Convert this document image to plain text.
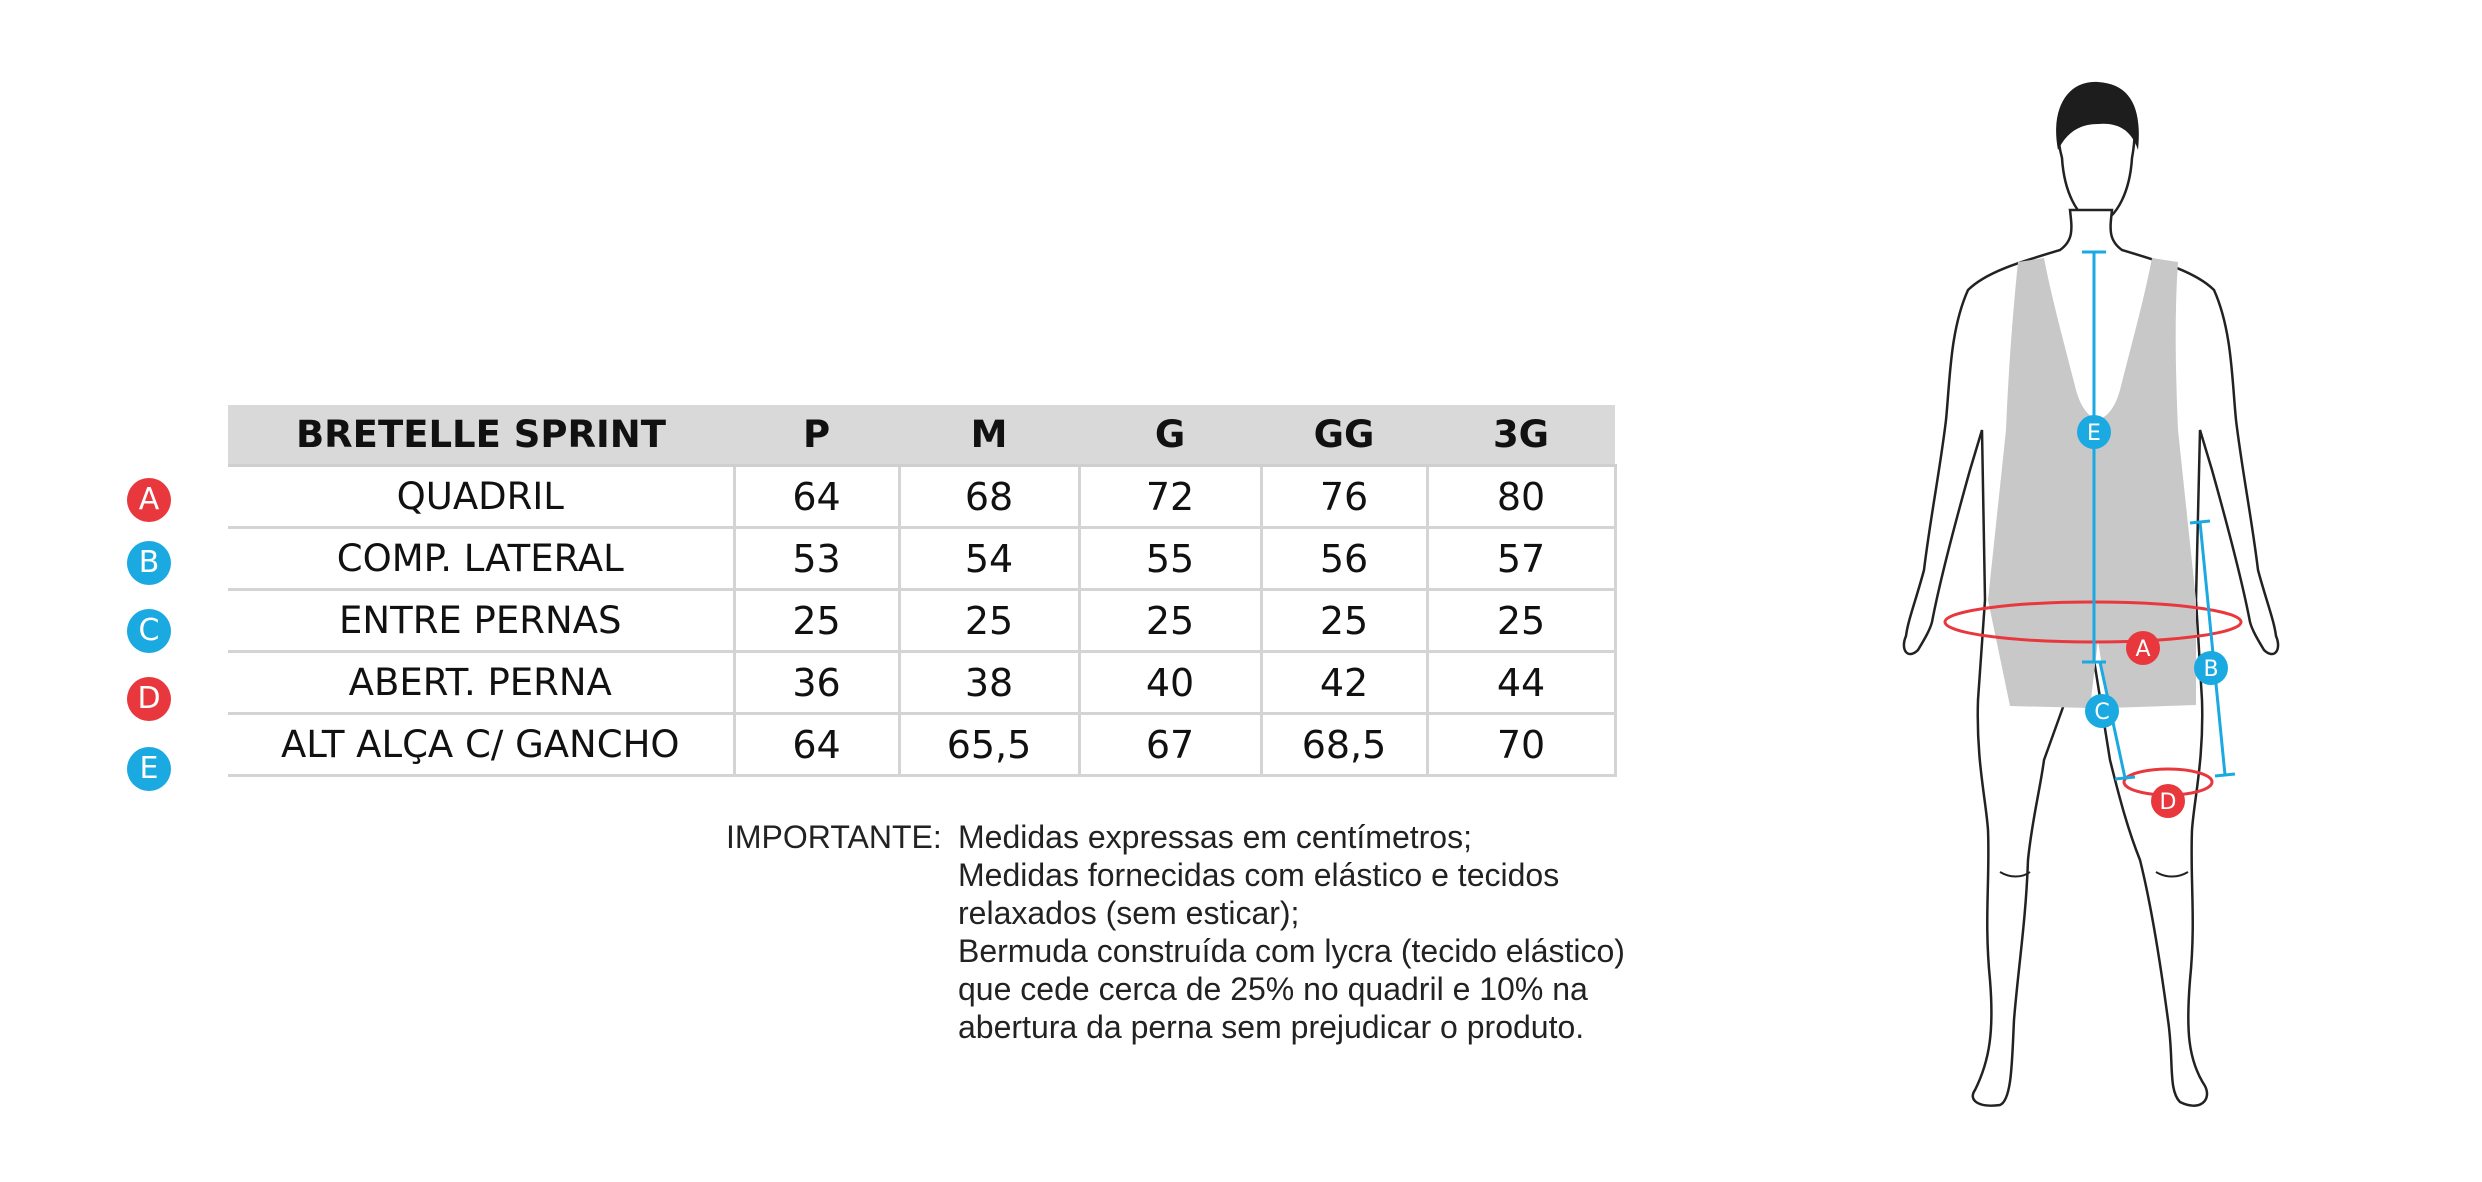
A
B
C
D
E
BRETELLE SPRINT	P	M	G	GG	3G
QUADRIL	64	68	72	76	80
COMP. LATERAL	53	54	55	56	57
ENTRE PERNAS	25	25	25	25	25
ABERT. PERNA	36	38	40	42	44
ALT ALÇA C/ GANCHO	64	65,5	67	68,5	70
IMPORTANTE: Medidas expressas em centímetros;
Medidas fornecidas com elástico e tecidos
relaxados (sem esticar);
Bermuda construída com lycra (tecido elástico)
que cede cerca de 25% no quadril e 10% na
abertura da perna sem prejudicar o produto.
E
A
B
C
D
